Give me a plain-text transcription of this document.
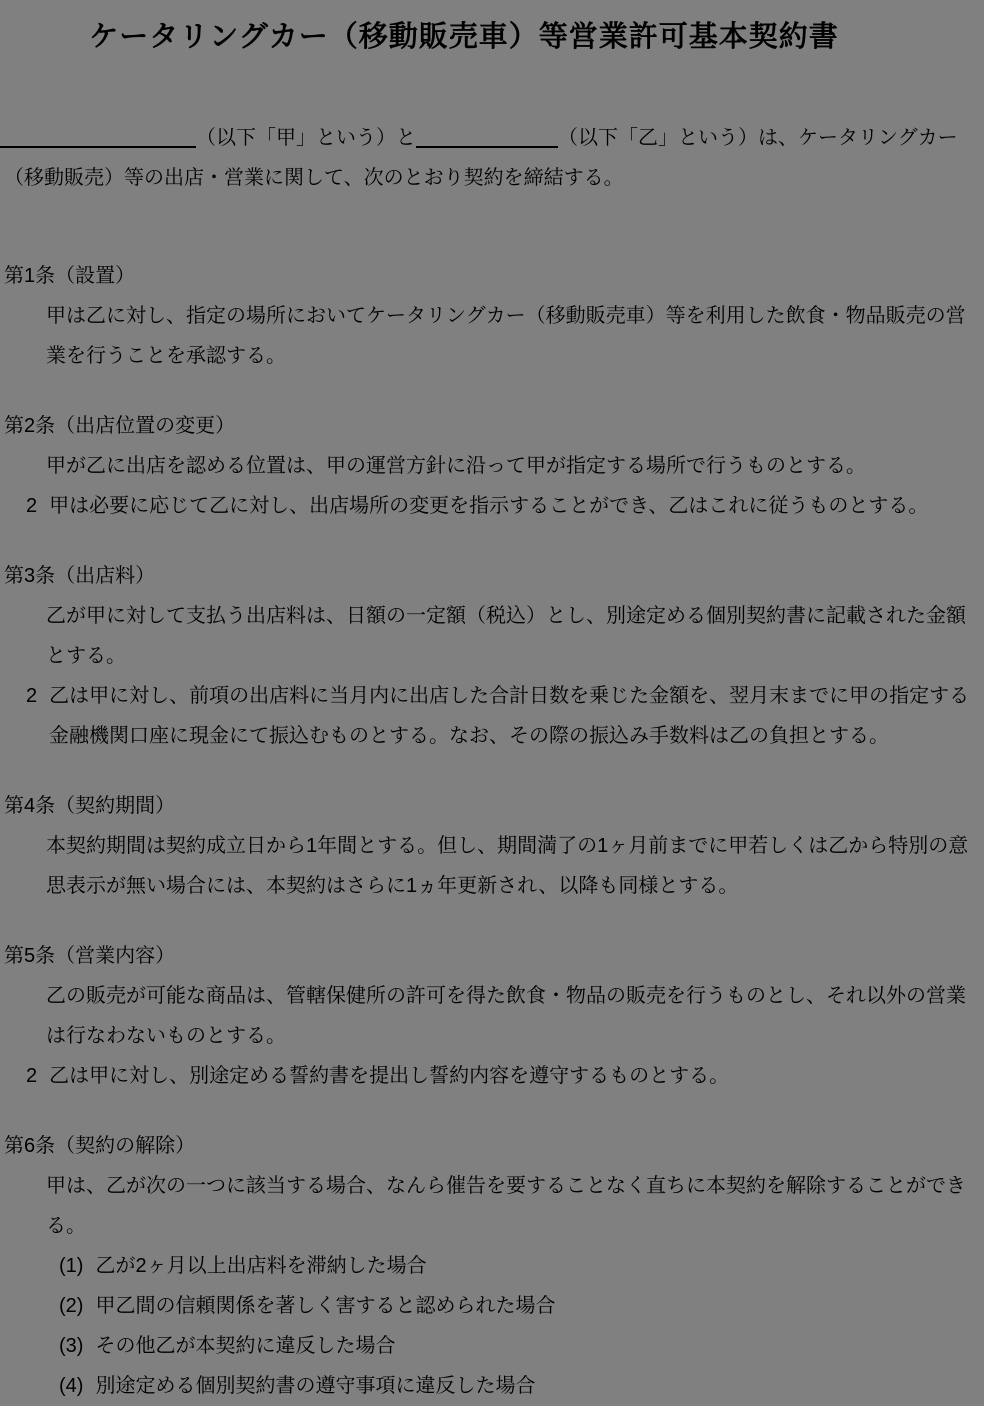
ケータリングカー（移動販売車）等営業許可基本契約書

（以下「甲」という）と	（以下「乙」という）は、ケータリングカー（移動販売）等の出店・営業に関して、次のとおり契約を締結する。

第1条（設置）

甲は乙に対し、指定の場所においてケータリングカー（移動販売車）等を利用した飲食・物品販売の営業を行うことを承認する。

第2条（出店位置の変更）

甲が乙に出店を認める位置は、甲の運営方針に沿って甲が指定する場所で行うものとする。

2 甲は必要に応じて乙に対し、出店場所の変更を指示することができ、乙はこれに従うものとする。

第3条（出店料）

乙が甲に対して支払う出店料は、日額の一定額（税込）とし、別途定める個別契約書に記載された金額とする。

2 乙は甲に対し、前項の出店料に当月内に出店した合計日数を乗じた金額を、翌月末までに甲の指定する金融機関口座に現金にて振込むものとする。なお、その際の振込み手数料は乙の負担とする。

第4条（契約期間）

本契約期間は契約成立日から1年間とする。但し、期間満了の1ヶ月前までに甲若しくは乙から特別の意思表示が無い場合には、本契約はさらに1ヵ年更新され、以降も同様とする。

第5条（営業内容）

乙の販売が可能な商品は、管轄保健所の許可を得た飲食・物品の販売を行うものとし、それ以外の営業は行なわないものとする。

2 乙は甲に対し、別途定める誓約書を提出し誓約内容を遵守するものとする。

第6条（契約の解除）

甲は、乙が次の一つに該当する場合、なんら催告を要することなく直ちに本契約を解除することができる。

(1) 乙が2ヶ月以上出店料を滞納した場合

(2) 甲乙間の信頼関係を著しく害すると認められた場合

(3) その他乙が本契約に違反した場合

(4) 別途定める個別契約書の遵守事項に違反した場合
